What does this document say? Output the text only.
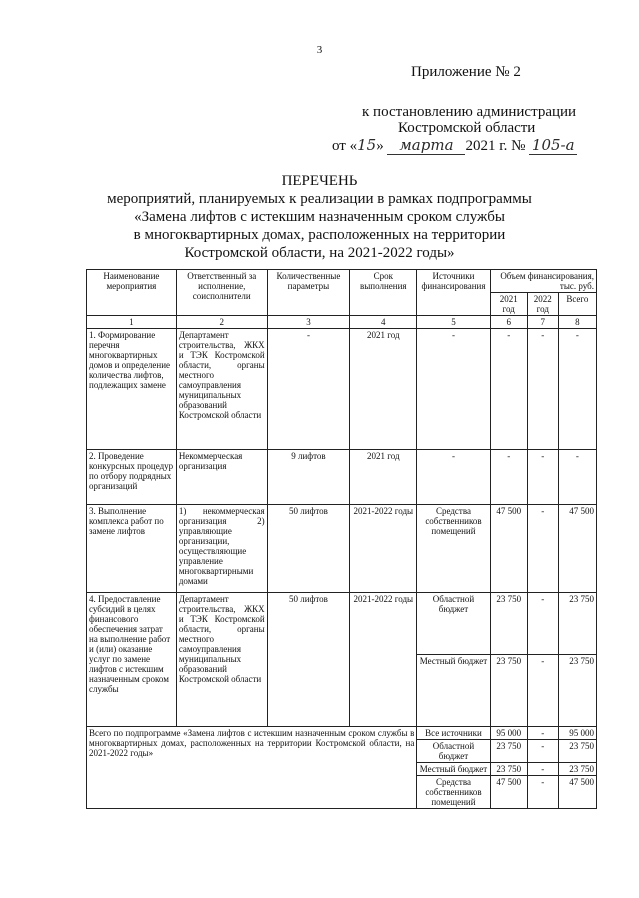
3
Приложение № 2
к постановлению администрации
Костромской области
от «15» марта 2021 г. № 105-а
ПЕРЕЧЕНЬ
мероприятий, планируемых к реализации в рамках подпрограммы
«Замена лифтов с истекшим назначенным сроком службы
в многоквартирных домах, расположенных на территории
Костромской области, на 2021-2022 годы»
Наименование мероприятия	Ответственный за исполнение, соисполнители	Количественные параметры	Срок выполнения	Источники финансирования	Объем финансирования, тыс. руб.		
					2021 год	2022 год	Всего
1	2	3	4	5	6	7	8
1. Формирование перечня многоквартирных домов и определение количества лифтов, подлежащих замене	Департамент строительства, ЖКХ и ТЭК Костромской области, органы местного самоуправления муниципальных образований Костромской области	-	2021 год	-	-	-	-
2. Проведение конкурсных процедур по отбору подрядных организаций	Некоммерческая организация	9 лифтов	2021 год	-	-	-	-
3. Выполнение комплекса работ по замене лифтов	1) некоммерческая организация 2) управляющие организации, осуществляющие управление многоквартирными домами	50 лифтов	2021-2022 годы	Средства собственников помещений	47 500	-	47 500
4. Предоставление субсидий в целях финансового обеспечения затрат на выполнение работ и (или) оказание услуг по замене лифтов с истекшим назначенным сроком службы	Департамент строительства, ЖКХ и ТЭК Костромской области, органы местного самоуправления муниципальных образований Костромской области	50 лифтов	2021-2022 годы	Областной бюджет	23 750	-	23 750
				Местный бюджет	23 750	-	23 750
Всего по подпрограмме «Замена лифтов с истекшим назначенным сроком службы в многоквартирных домах, расположенных на территории Костромской области, на 2021-2022 годы»				Все источники	95 000	-	95 000
				Областной бюджет	23 750	-	23 750
				Местный бюджет	23 750	-	23 750
				Средства собственников помещений	47 500	-	47 500
